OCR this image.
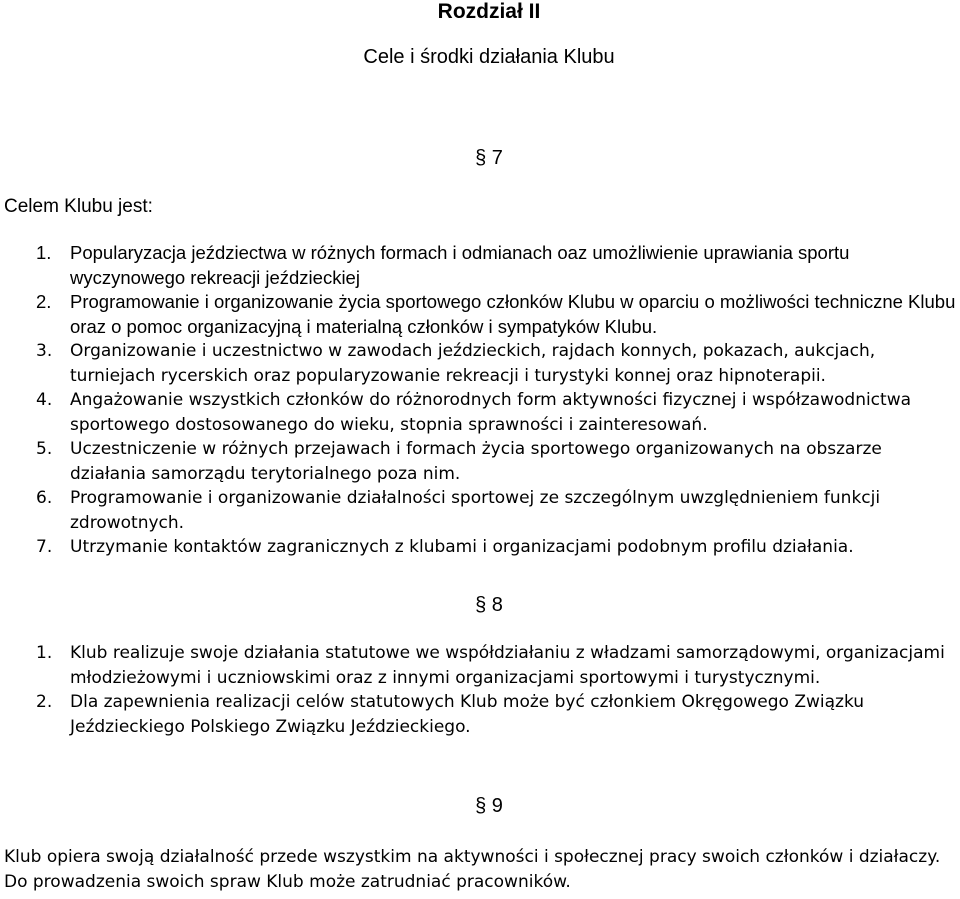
Rozdział II
Cele i środki działania Klubu
§ 7

Celem Klubu jest:

1. Popularyzacja jeździectwa w różnych formach i odmianach oaz umożliwienie uprawiania sportu wyczynowego rekreacji jeździeckiej
2. Programowanie i organizowanie życia sportowego członków Klubu w oparciu o możliwości techniczne Klubu oraz o pomoc organizacyjną i materialną członków i sympatyków Klubu.
3. Organizowanie i uczestnictwo w zawodach jeździeckich, rajdach konnych, pokazach, aukcjach, turniejach rycerskich oraz popularyzowanie rekreacji i turystyki konnej oraz hipnoterapii.
4. Angażowanie wszystkich członków do różnorodnych form aktywności fizycznej i współzawodnictwa sportowego dostosowanego do wieku, stopnia sprawności i zainteresowań.
5. Uczestniczenie w różnych przejawach i formach życia sportowego organizowanych na obszarze działania samorządu terytorialnego poza nim.
6. Programowanie i organizowanie działalności sportowej ze szczególnym uwzględnieniem funkcji zdrowotnych.
7. Utrzymanie kontaktów zagranicznych z klubami i organizacjami podobnym profilu działania.
§ 8
1. Klub realizuje swoje działania statutowe we współdziałaniu z władzami samorządowymi, organizacjami młodzieżowymi i uczniowskimi oraz z innymi organizacjami sportowymi i turystycznymi.
2. Dla zapewnienia realizacji celów statutowych Klub może być członkiem Okręgowego Związku Jeździeckiego Polskiego Związku Jeździeckiego.
§ 9

Klub opiera swoją działalność przede wszystkim na aktywności i społecznej pracy swoich członków i działaczy. Do prowadzenia swoich spraw Klub może zatrudniać pracowników.
